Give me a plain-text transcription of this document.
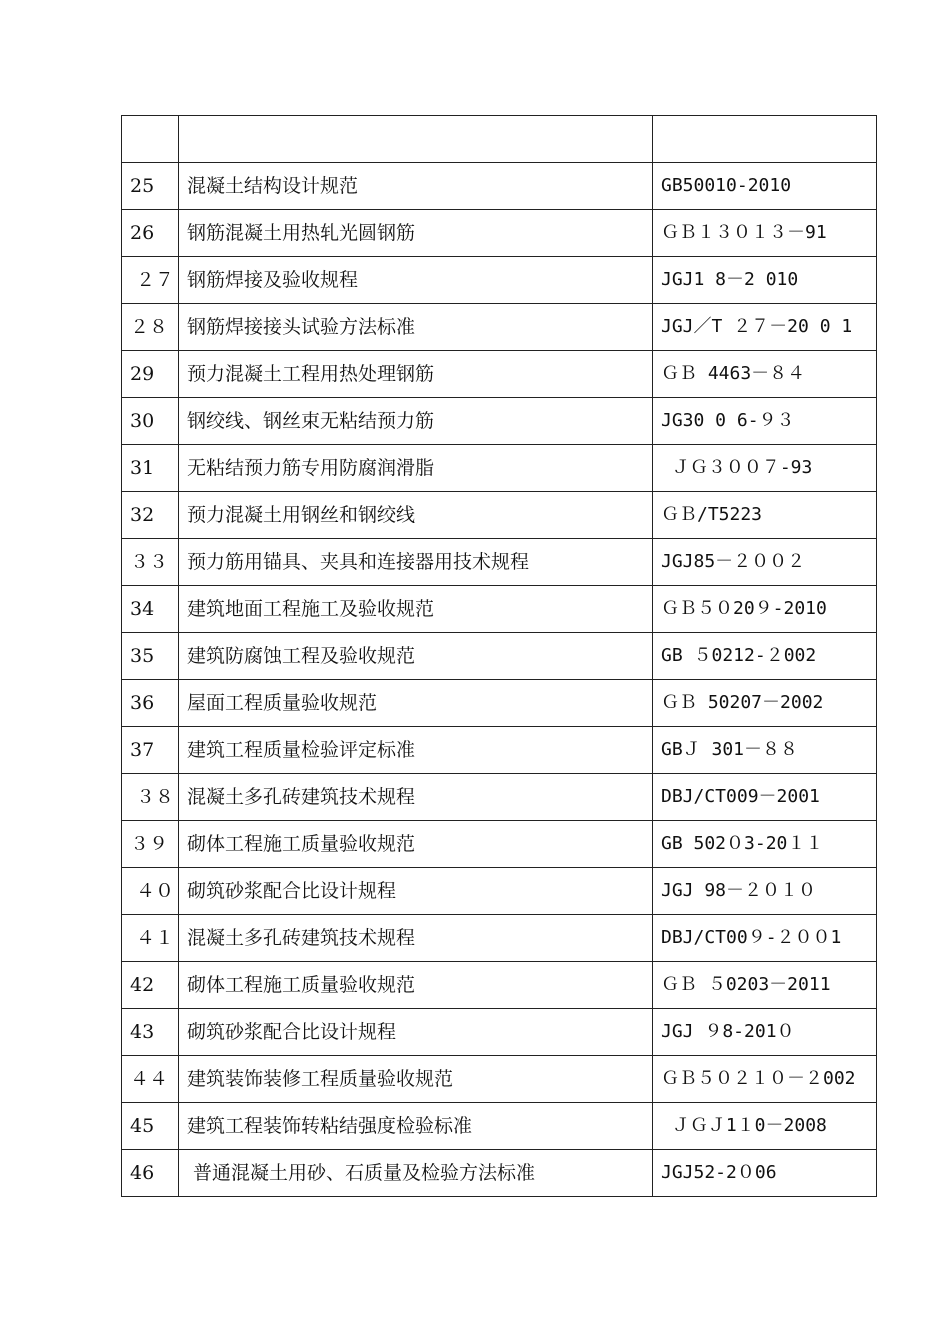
25	混凝土结构设计规范	GB50010-2010
26	钢筋混凝土用热轧光圆钢筋	ＧＢ１３０１３－91
２７	钢筋焊接及验收规程	JGJ1 8－2 010
２８	钢筋焊接接头试验方法标准	JGJ／T ２７－20 0 1
29	预力混凝土工程用热处理钢筋	ＧＢ 4463－８４
30	钢绞线、钢丝束无粘结预力筋	JG30 0 6-９３
31	无粘结预力筋专用防腐润滑脂	ＪＧ３００７-93
32	预力混凝土用钢丝和钢绞线	ＧＢ/T5223
３３	预力筋用锚具、夹具和连接器用技术规程	JGJ85－２００２
34	建筑地面工程施工及验收规范	ＧＢ５０20９-2010
35	建筑防腐蚀工程及验收规范	GB ５0212-２002
36	屋面工程质量验收规范	ＧＢ 50207－2002
37	建筑工程质量检验评定标准	GBＪ 301－８８
３８	混凝土多孔砖建筑技术规程	DBJ/CT009－2001
３９	砌体工程施工质量验收规范	GB 502０3-20１１
４０	砌筑砂浆配合比设计规程	JGJ 98－２０１０
４１	混凝土多孔砖建筑技术规程	DBJ/CT00９-２００1
42	砌体工程施工质量验收规范	ＧＢ ５0203－2011
43	砌筑砂浆配合比设计规程	JGJ ９8-201０
４４	建筑装饰装修工程质量验收规范	ＧＢ５０２１０－２002
45	建筑工程装饰转粘结强度检验标准	ＪＧＪ1１0－2008
46	普通混凝土用砂、石质量及检验方法标准	JGJ52-2０06
